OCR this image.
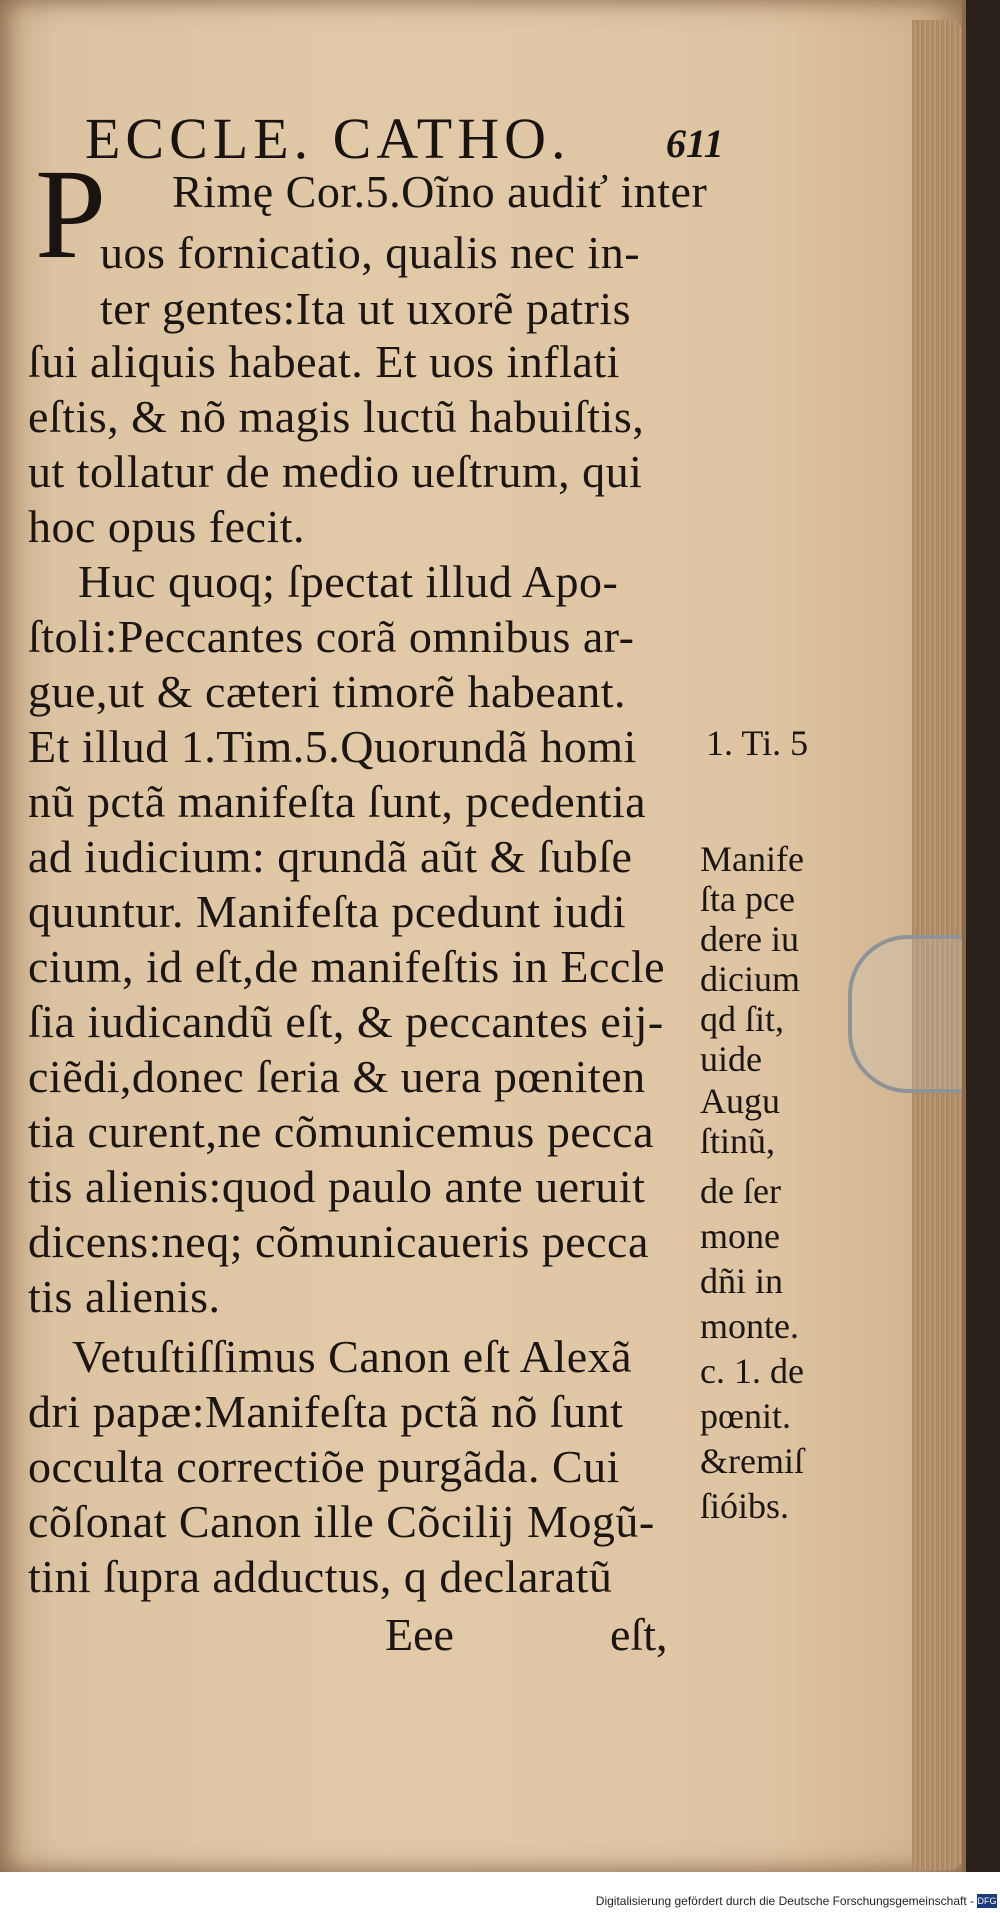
ECCLE. CATHO. 611
P Rimę Cor.5.Oĩno audiť inter
uos fornicatio, qualis nec in-
ter gentes:Ita ut uxorẽ patris
ſui aliquis habeat. Et uos inflati
eſtis, & nõ magis luctũ habuiſtis,
ut tollatur de medio ueſtrum, qui
hoc opus fecit.
Huc quoq; ſpectat illud Apo-
ſtoli:Peccantes corã omnibus ar-
gue,ut & cæteri timorẽ habeant.
Et illud 1.Tim.5.Quorundã homi
nũ pctã manifeſta ſunt, pcedentia
ad iudicium: qrundã aũt & ſubſe
quuntur. Manifeſta pcedunt iudi
cium, id eſt,de manifeſtis in Eccle
ſia iudicandũ eſt, & peccantes eij-
ciẽdi,donec ſeria & uera pœniten
tia curent,ne cõmunicemus pecca
tis alienis:quod paulo ante ueruit
dicens:neq; cõmunicaueris pecca
tis alienis.
Vetuſtiſſimus Canon eſt Alexã
dri papæ:Manifeſta pctã nõ ſunt
occulta correctiõe purgãda. Cui
cõſonat Canon ille Cõcilij Mogũ-
tini ſupra adductus, q declaratũ
1. Ti. 5
Manife
ſta pce
dere iu
dicium
qd ſit,
uide
Augu
ſtinũ,
de ſer
mone
dñi in
monte.
c. 1. de
pœnit.
&remiſ
ſióibs.
Eee	eſt,
Digitalisierung gefördert durch die Deutsche Forschungsgemeinschaft - DFG
